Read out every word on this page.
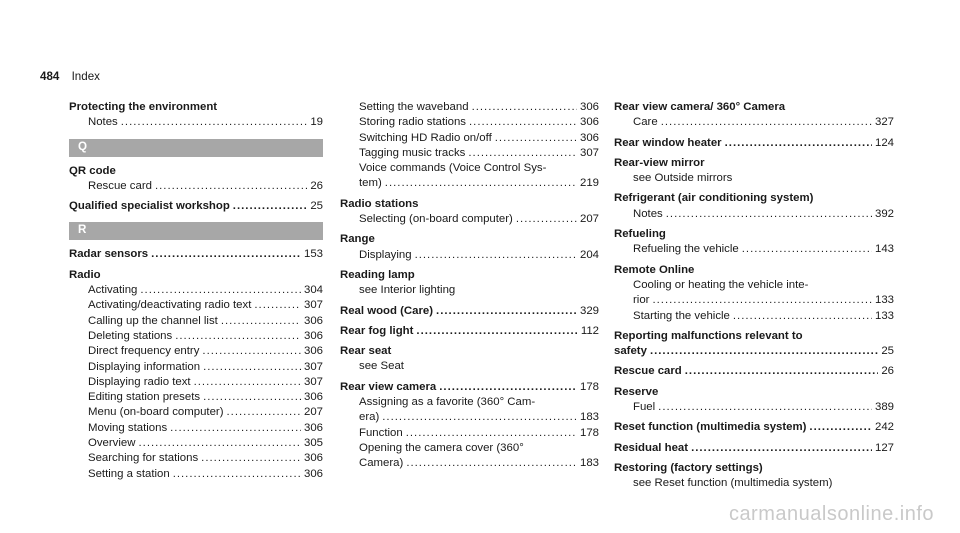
484 Index
Protecting the environment
Notes .....	19
Q
QR code
Rescue card .....	26
Qualified specialist workshop .....	25
R
Radar sensors .....	153
Radio
Activating .....	304
Activating/deactivating radio text .....	307
Calling up the channel list .....	306
Deleting stations .....	306
Direct frequency entry .....	306
Displaying information .....	307
Displaying radio text .....	307
Editing station presets .....	306
Menu (on-board computer) .....	207
Moving stations .....	306
Overview .....	305
Searching for stations .....	306
Setting a station .....	306
Setting the waveband .....	306
Storing radio stations .....	306
Switching HD Radio on/off .....	306
Tagging music tracks .....	307
Voice commands (Voice Control Sys-
tem) .....	219
Radio stations
Selecting (on-board computer) .....	207
Range
Displaying .....	204
Reading lamp
see Interior lighting
Real wood (Care) .....	329
Rear fog light .....	112
Rear seat
see Seat
Rear view camera .....	178
Assigning as a favorite (360° Cam-
era) .....	183
Function .....	178
Opening the camera cover (360°
Camera) .....	183
Rear view camera/ 360° Camera
Care .....	327
Rear window heater .....	124
Rear-view mirror
see Outside mirrors
Refrigerant (air conditioning system)
Notes .....	392
Refueling
Refueling the vehicle .....	143
Remote Online
Cooling or heating the vehicle inte-
rior .....	133
Starting the vehicle .....	133
Reporting malfunctions relevant to
safety .....	25
Rescue card .....	26
Reserve
Fuel .....	389
Reset function (multimedia system) .....	242
Residual heat .....	127
Restoring (factory settings)
see Reset function (multimedia system)
carmanualsonline.info
